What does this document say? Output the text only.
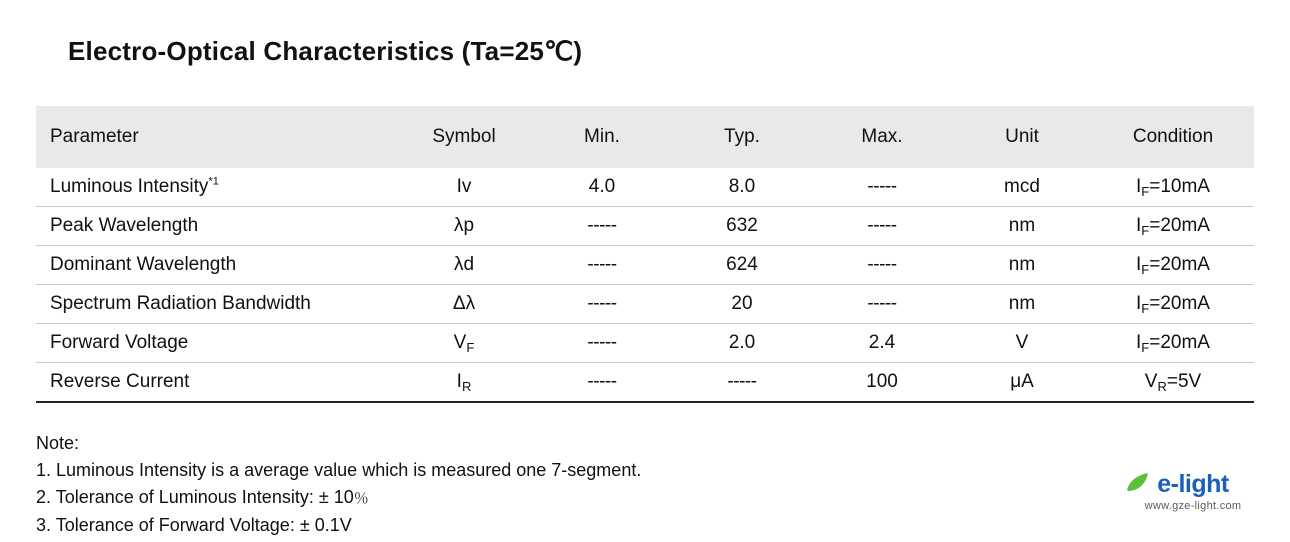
Electro-Optical Characteristics (Ta=25℃)
Parameter	Symbol	Min.	Typ.	Max.	Unit	Condition
Luminous Intensity$^{*1}$	Iv	4.0	8.0	-----	mcd	$I_F=10mA$
Peak Wavelength	λp	-----	632	-----	nm	$I_F=20mA$
Dominant Wavelength	λd	-----	624	-----	nm	$I_F=20mA$
Spectrum Radiation Bandwidth	Δλ	-----	20	-----	nm	$I_F=20mA$
Forward Voltage	$V_F$	-----	2.0	2.4	V	$I_F=20mA$
Reverse Current	$I_R$	-----	-----	100	μA	$V_R=5V$
Note:
1. Luminous Intensity is a average value which is measured one 7-segment.
2. Tolerance of Luminous Intensity: ± 10％
3. Tolerance of Forward Voltage: ± 0.1V
e-light
www.gze-light.com
